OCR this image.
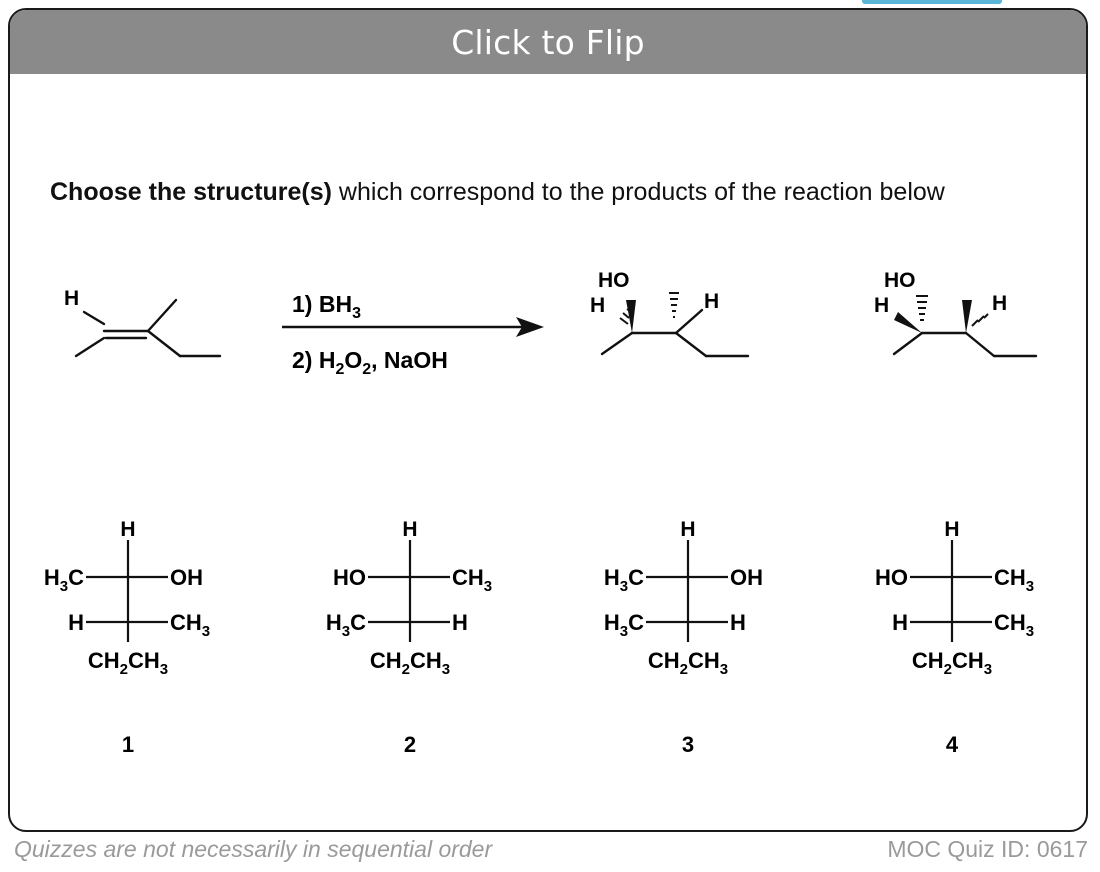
Click to Flip
Choose the structure(s) which correspond to the products of the reaction below
H	1) $BH_3$
2) $H_2O_2$, NaOH
HO
H	H
HO
H	H
H
$H_3C$	OH
H	$CH_3$
$CH_2CH_3$
1
H
HO	$CH_3$
$H_3C$	H
$CH_2CH_3$
2
H
$H_3C$	OH
$H_3C$	H
$CH_2CH_3$
3
H
HO	$CH_3$
H	$CH_3$
$CH_2CH_3$
4
Quizzes are not necessarily in sequential order	MOC Quiz ID: 0617
